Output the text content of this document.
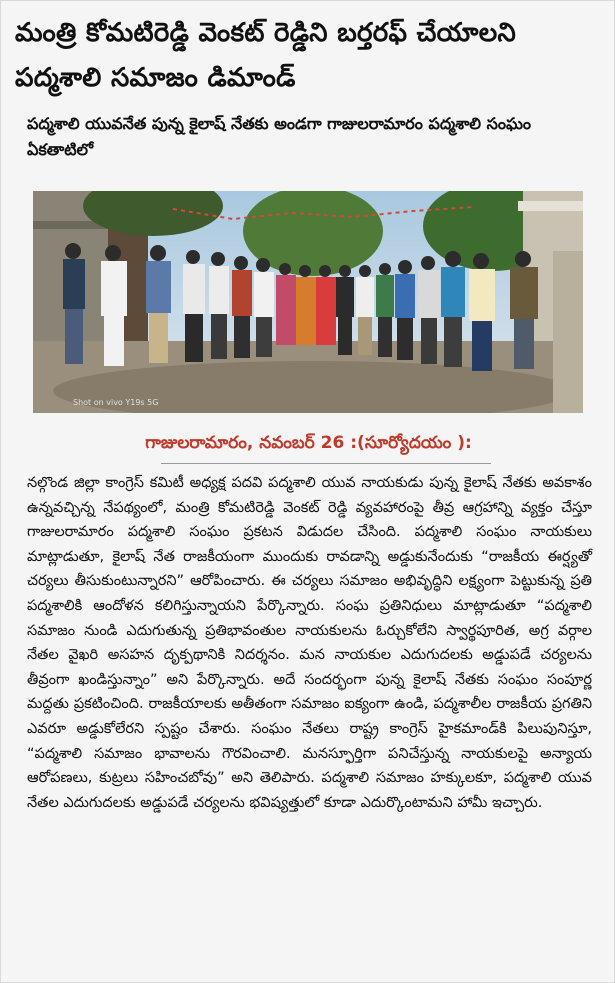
మంత్రి కోమటిరెడ్డి వెంకట్ రెడ్డిని బర్తరఫ్ చేయాలని పద్మశాలి సమాజం డిమాండ్
పద్మశాలి యువనేత పున్న కైలాష్ నేతకు అండగా గాజులరామారం పద్మశాలి సంఘం ఏకతాటిలో
Shot on vivo Y19s 5G
గాజులరామారం, నవంబర్ 26 :(సూర్యోదయం ):

నల్గొండ జిల్లా కాంగ్రెస్ కమిటీ అధ్యక్ష పదవి పద్మశాలి యువ నాయకుడు పున్న కైలాష్ నేతకు అవకాశం ఉన్నవచ్చిన్న నేపథ్యంలో, మంత్రి కోమటిరెడ్డి వెంకట్ రెడ్డి వ్యవహారంపై తీవ్ర ఆగ్రహాన్ని వ్యక్తం చేస్తూ గాజులరామారం పద్మశాలి సంఘం ప్రకటన విడుదల చేసింది. పద్మశాలి సంఘం నాయకులు మాట్లాడుతూ, కైలాష్ నేత రాజకీయంగా ముందుకు రావడాన్ని అడ్డుకునేందుకు “రాజకీయ ఈర్ష్యతో చర్యలు తీసుకుంటున్నారని” ఆరోపించారు. ఈ చర్యలు సమాజం అభివృద్ధిని లక్ష్యంగా పెట్టుకున్న ప్రతి పద్మశాలికి ఆందోళన కలిగిస్తున్నాయని పేర్కొన్నారు. సంఘ ప్రతినిధులు మాట్లాడుతూ “పద్మశాలి సమాజం నుండి ఎదుగుతున్న ప్రతిభావంతుల నాయకులను ఓర్చుకోలేని స్వార్థపూరిత, అగ్ర వర్గాల నేతల వైఖరి అసహన దృక్పథానికి నిదర్శనం. మన నాయకుల ఎదుగుదలకు అడ్డుపడే చర్యలను తీవ్రంగా ఖండిస్తున్నాం” అని పేర్కొన్నారు. అదే సందర్భంగా పున్న కైలాష్ నేతకు సంఘం సంపూర్ణ మద్దతు ప్రకటించింది. రాజకీయాలకు అతీతంగా సమాజం ఐక్యంగా ఉండి, పద్మశాలీల రాజకీయ ప్రగతిని ఎవరూ అడ్డుకోలేరని స్పష్టం చేశారు. సంఘం నేతలు రాష్ట్ర కాంగ్రెస్ హైకమాండ్‌కి పిలుపునిస్తూ, “పద్మశాలి సమాజం భావాలను గౌరవించాలి. మనస్ఫూర్తిగా పనిచేస్తున్న నాయకులపై అన్యాయ ఆరోపణలు, కుట్రలు సహించబోవు” అని తెలిపారు. పద్మశాలి సమాజం హక్కులకూ, పద్మశాలి యువ నేతల ఎదుగుదలకు అడ్డుపడే చర్యలను భవిష్యత్తులో కూడా ఎదుర్కొంటామని హామీ ఇచ్చారు.
